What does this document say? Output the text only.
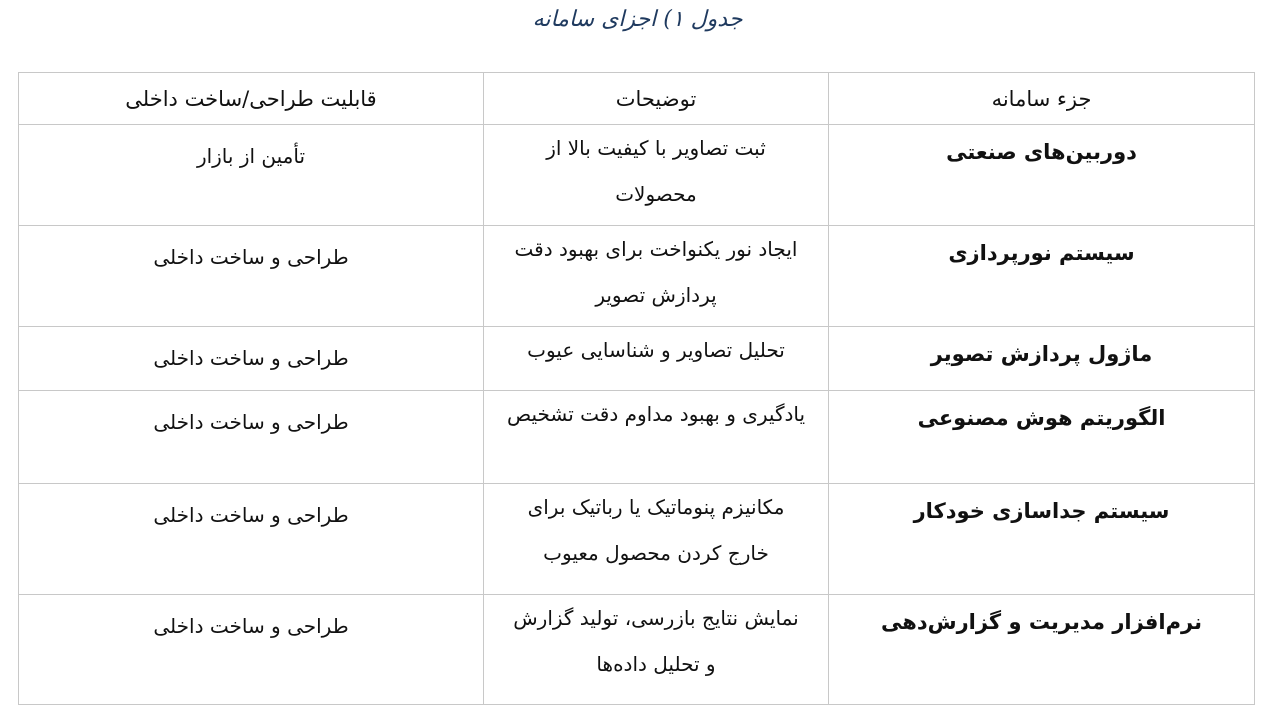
جدول ۱) اجزای سامانه
جزء سامانه	توضیحات	قابلیت طراحی/ساخت داخلی
دوربین‌های صنعتی	ثبت تصاویر با کیفیت بالا از محصولات	تأمین از بازار
سیستم نورپردازی	ایجاد نور یکنواخت برای بهبود دقت پردازش تصویر	طراحی و ساخت داخلی
ماژول پردازش تصویر	تحلیل تصاویر و شناسایی عیوب	طراحی و ساخت داخلی
الگوریتم هوش مصنوعی	یادگیری و بهبود مداوم دقت تشخیص	طراحی و ساخت داخلی
سیستم جداسازی خودکار	مکانیزم پنوماتیک یا رباتیک برای خارج کردن محصول معیوب	طراحی و ساخت داخلی
نرم‌افزار مدیریت و گزارش‌دهی	نمایش نتایج بازرسی، تولید گزارش و تحلیل داده‌ها	طراحی و ساخت داخلی
